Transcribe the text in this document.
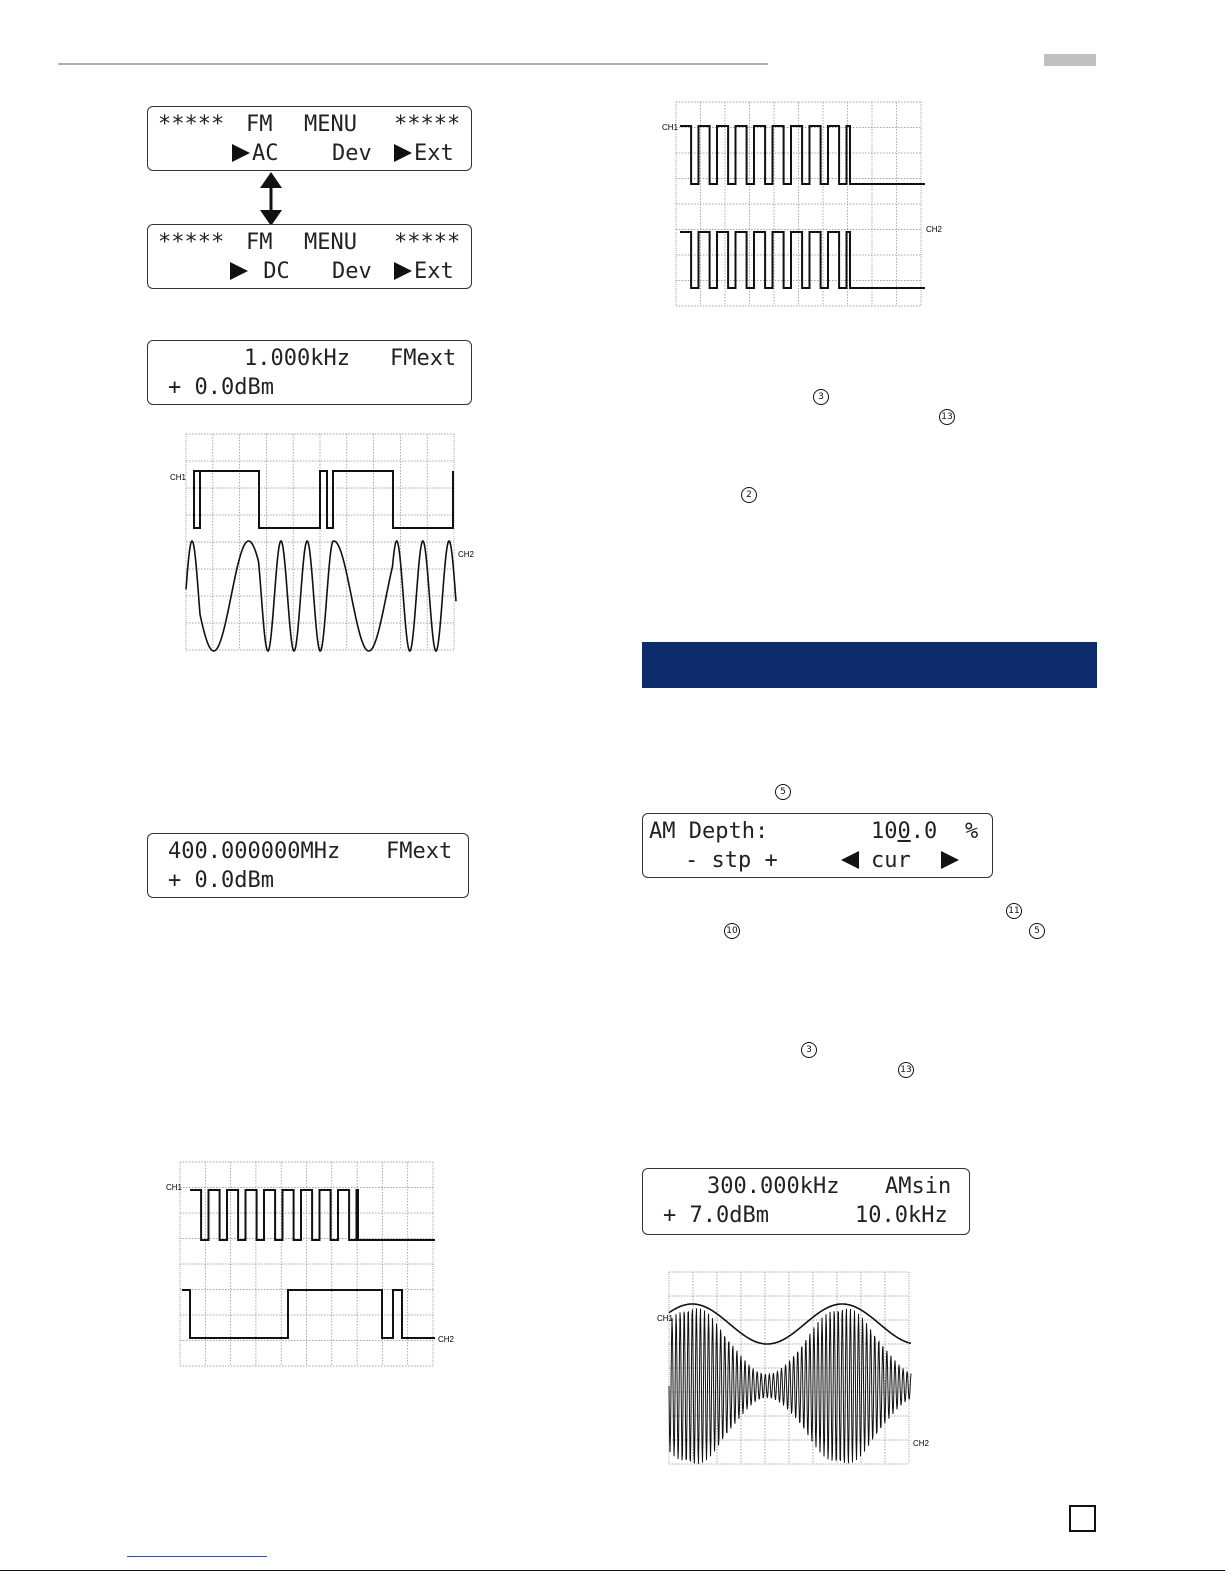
*****

FM

MENU

*****

AC

Dev

	Ext

*****

FM

MENU

*****

DC

Dev

	Ext

1.000kHz

FMext

+ 0.0dBm

CH1
CH2

400.000000MHz

FMext

+ 0.0dBm

CH1
CH2
CH1
CH2
3
13
2
5

AM Depth:

	100.0

%

- stp +

	cur

11
10	5
3
13

300.000kHz

AMsin

+ 7.0dBm

	10.0kHz

CH1
CH2
